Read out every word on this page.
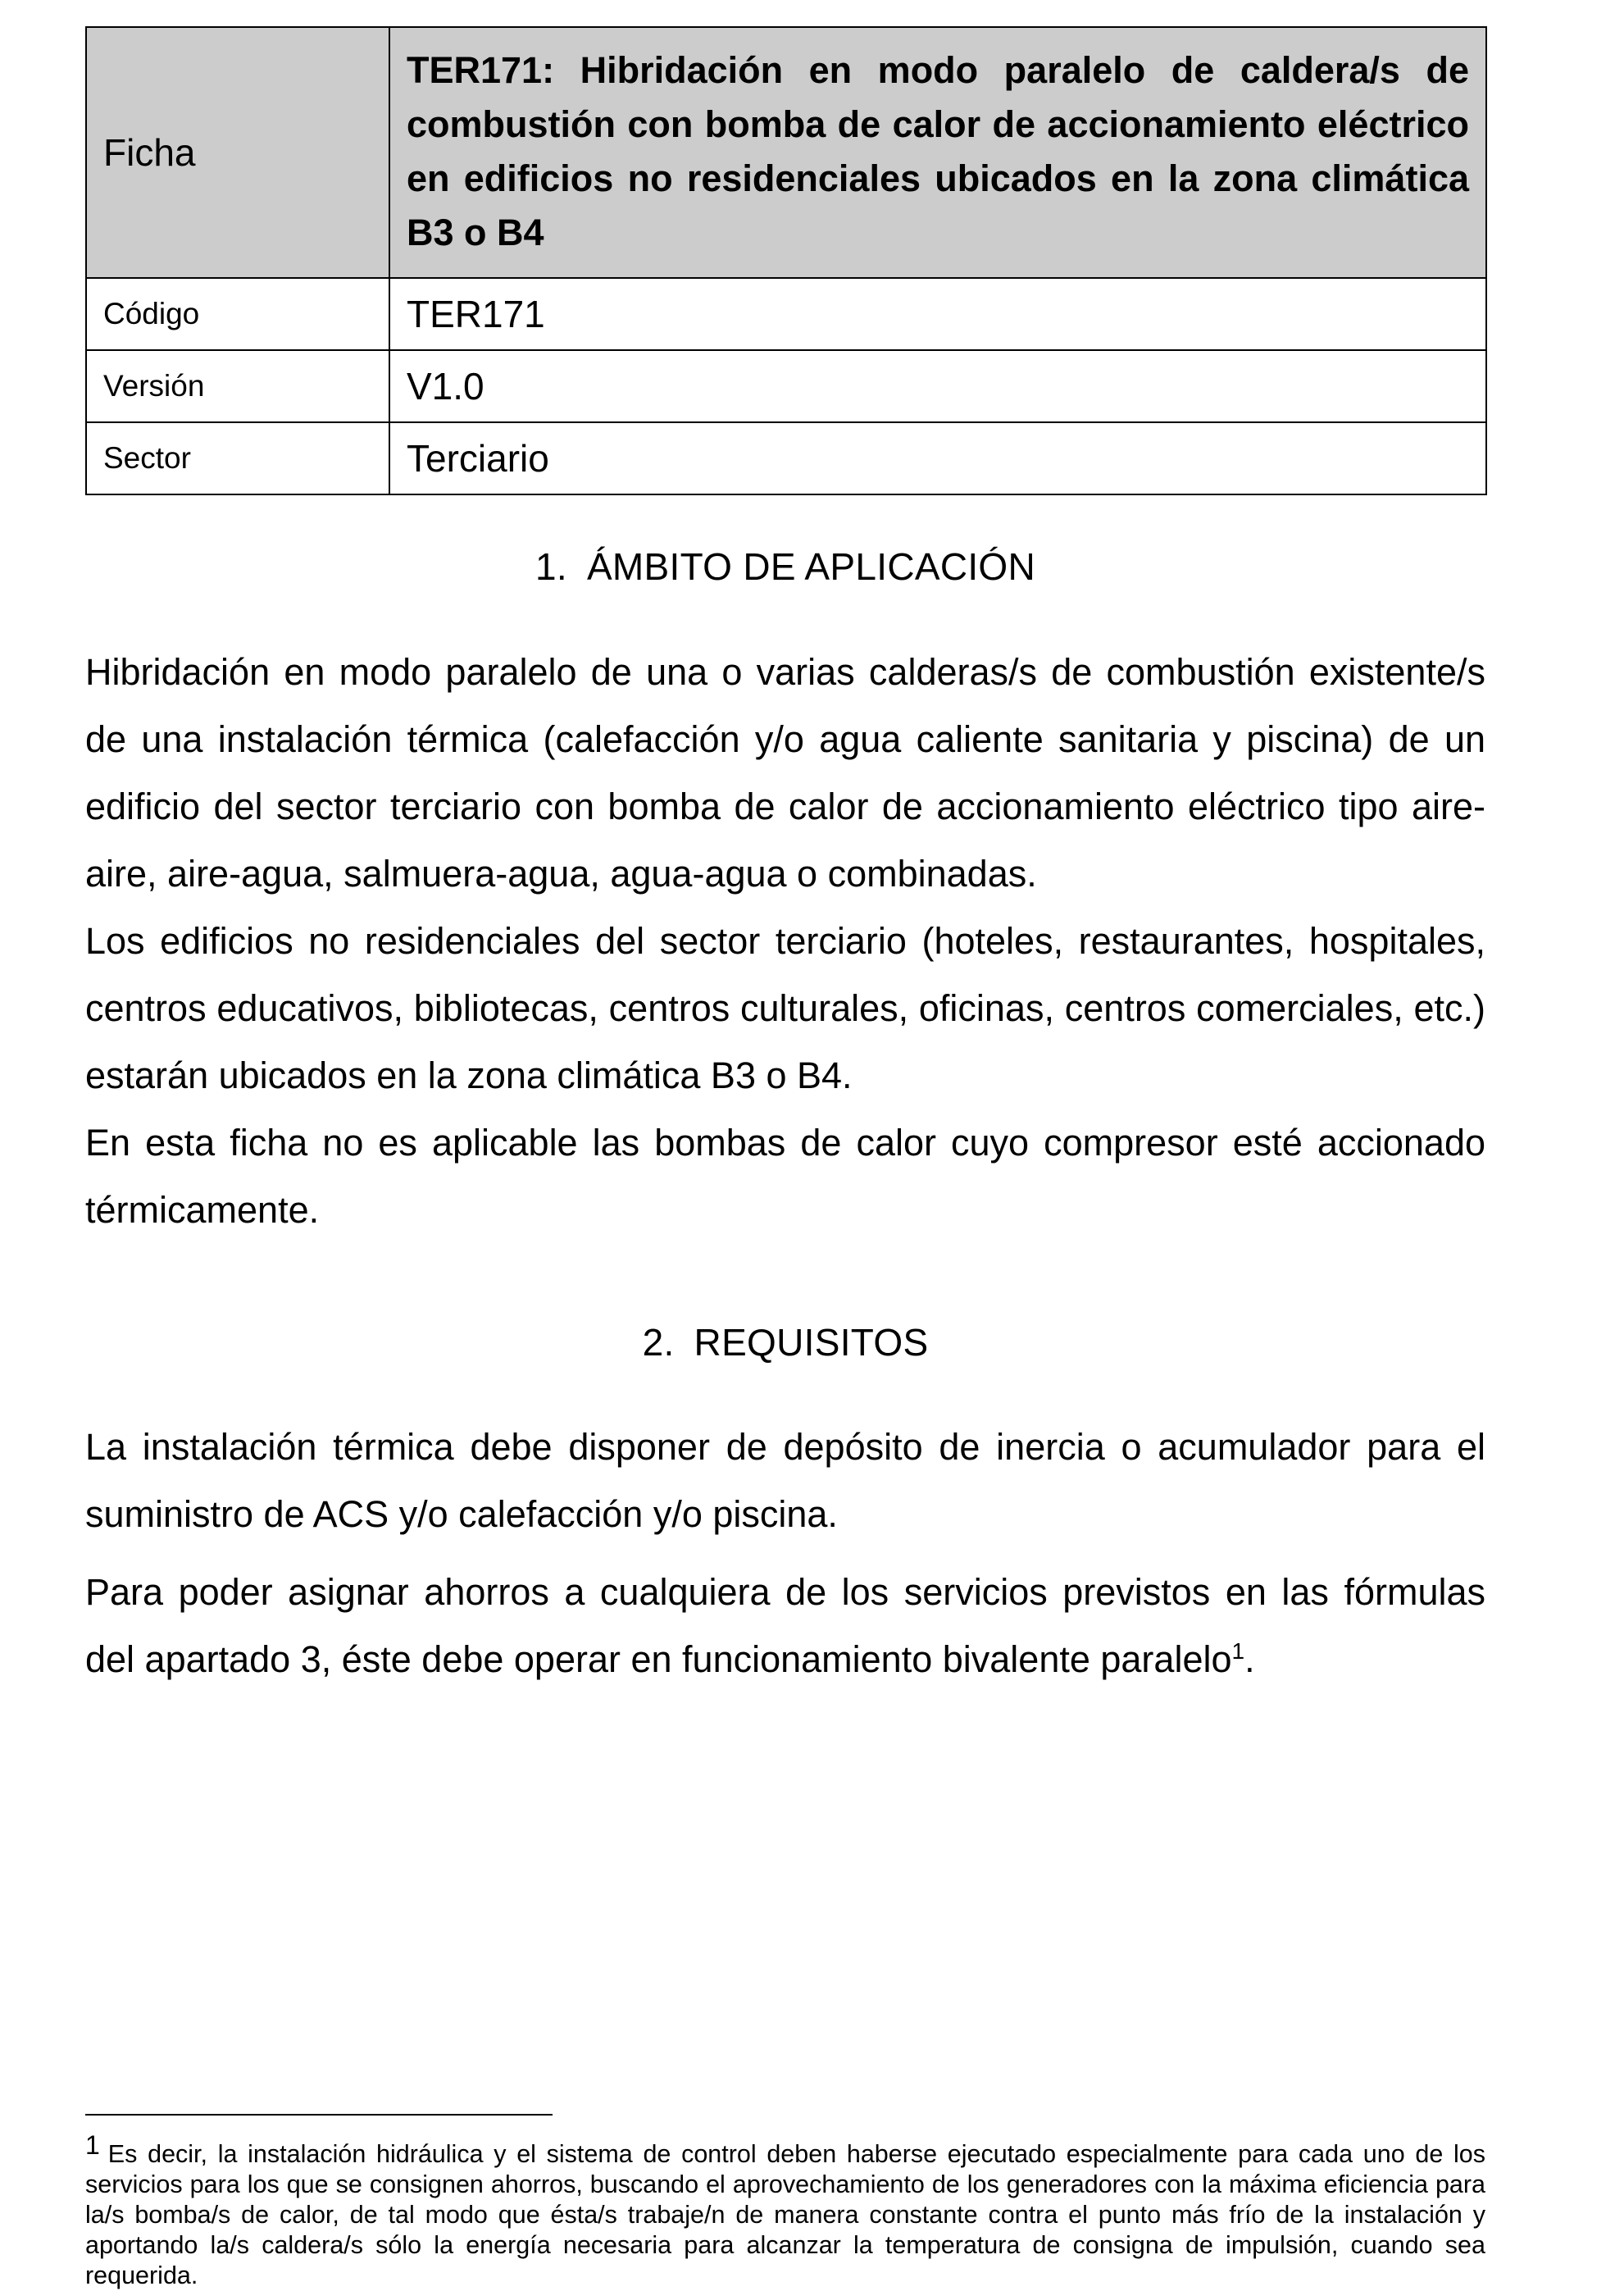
Ficha	TER171: Hibridación en modo paralelo de caldera/s de combustión con bomba de calor de accionamiento eléctrico en edificios no residenciales ubicados en la zona climática B3 o B4
Código	TER171
Versión	V1.0
Sector	Terciario
1. ÁMBITO DE APLICACIÓN

Hibridación en modo paralelo de una o varias calderas/s de combustión existente/s de una instalación térmica (calefacción y/o agua caliente sanitaria y piscina) de un edificio del sector terciario con bomba de calor de accionamiento eléctrico tipo aire-aire, aire-agua, salmuera-agua, agua-agua o combinadas.

Los edificios no residenciales del sector terciario (hoteles, restaurantes, hospitales, centros educativos, bibliotecas, centros culturales, oficinas, centros comerciales, etc.) estarán ubicados en la zona climática B3 o B4.

En esta ficha no es aplicable las bombas de calor cuyo compresor esté accionado térmicamente.

2. REQUISITOS

La instalación térmica debe disponer de depósito de inercia o acumulador para el suministro de ACS y/o calefacción y/o piscina.

Para poder asignar ahorros a cualquiera de los servicios previstos en las fórmulas del apartado 3, éste debe operar en funcionamiento bivalente paralelo$^1$.

1 Es decir, la instalación hidráulica y el sistema de control deben haberse ejecutado especialmente para cada uno de los servicios para los que se consignen ahorros, buscando el aprovechamiento de los generadores con la máxima eficiencia para la/s bomba/s de calor, de tal modo que ésta/s trabaje/n de manera constante contra el punto más frío de la instalación y aportando la/s caldera/s sólo la energía necesaria para alcanzar la temperatura de consigna de impulsión, cuando sea requerida.
